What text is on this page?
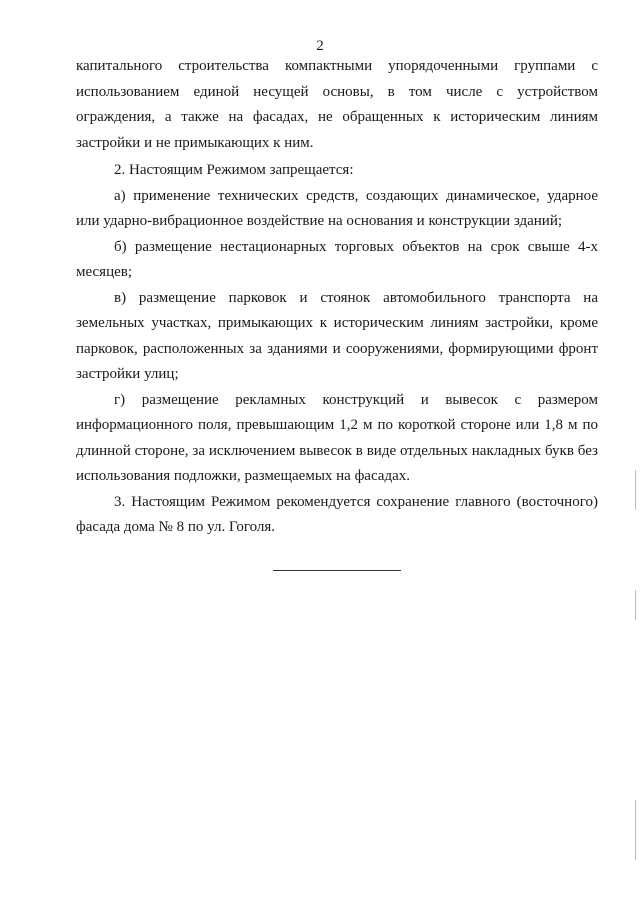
2

капитального строительства компактными упорядоченными группами с использованием единой несущей основы, в том числе с устройством ограждения, а также на фасадах, не обращенных к историческим линиям застройки и не примыкающих к ним.

2. Настоящим Режимом запрещается:

а) применение технических средств, создающих динамическое, ударное или ударно-вибрационное воздействие на основания и конструкции зданий;

б) размещение нестационарных торговых объектов на срок свыше 4-х месяцев;

в) размещение парковок и стоянок автомобильного транспорта на земельных участках, примыкающих к историческим линиям застройки, кроме парковок, расположенных за зданиями и сооружениями, формирующими фронт застройки улиц;

г) размещение рекламных конструкций и вывесок с размером информационного поля, превышающим 1,2 м по короткой стороне или 1,8 м по длинной стороне, за исключением вывесок в виде отдельных накладных букв без использования подложки, размещаемых на фасадах.

3. Настоящим Режимом рекомендуется сохранение главного (восточного) фасада дома № 8 по ул. Гоголя.
